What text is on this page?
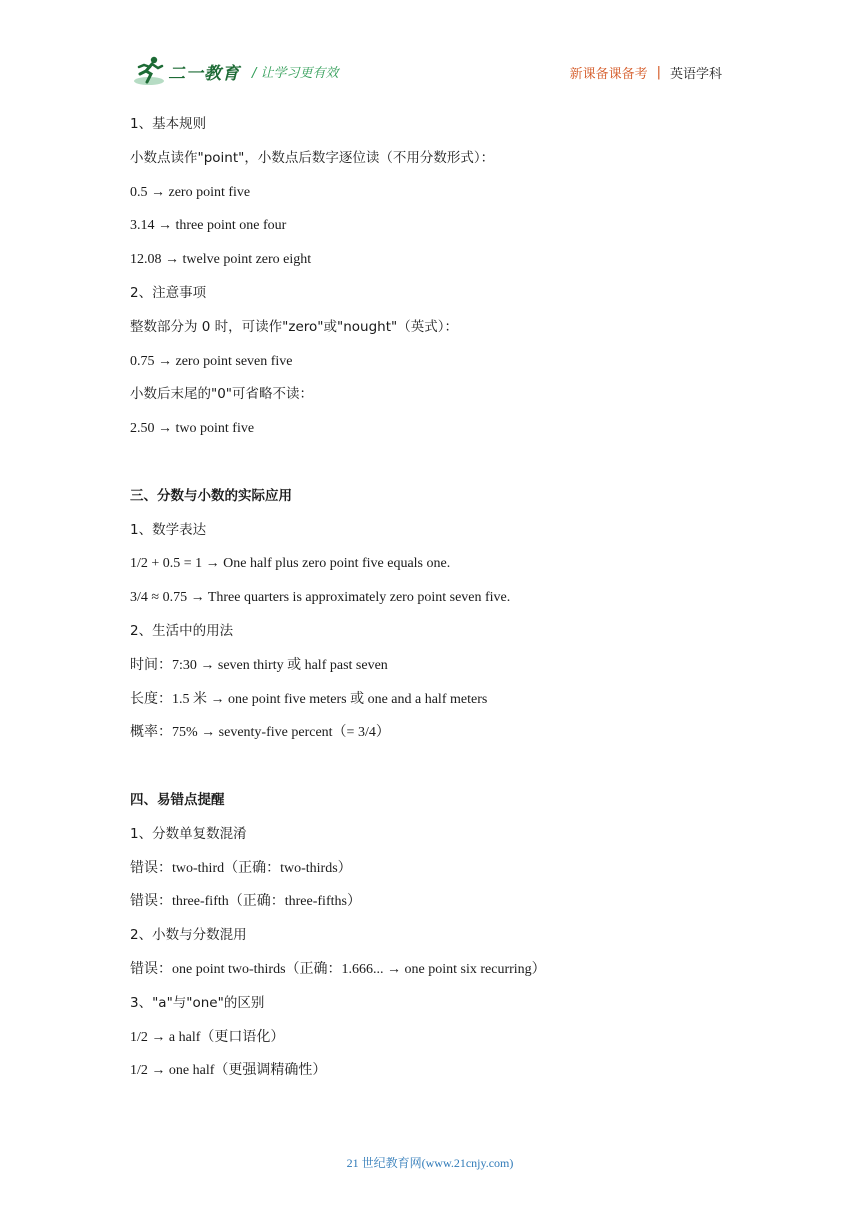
二一教育 / 让学习更有效	新课备课备考 | 英语学科
1、基本规则
小数点读作"point"，小数点后数字逐位读（不用分数形式）：
0.5 → zero point five
3.14 → three point one four
12.08 → twelve point zero eight
2、注意事项
整数部分为 0 时，可读作"zero"或"nought"（英式）：
0.75 → zero point seven five
小数后末尾的"0"可省略不读：
2.50 → two point five
三、分数与小数的实际应用
1、数学表达
1/2 + 0.5 = 1 → One half plus zero point five equals one.
3/4 ≈ 0.75 → Three quarters is approximately zero point seven five.
2、生活中的用法
时间：7:30 → seven thirty 或 half past seven
长度：1.5 米 → one point five meters 或 one and a half meters
概率：75% → seventy-five percent（= 3/4）
四、易错点提醒
1、分数单复数混淆
错误：two-third（正确：two-thirds）
错误：three-fifth（正确：three-fifths）
2、小数与分数混用
错误：one point two-thirds（正确：1.666... → one point six recurring）
3、"a"与"one"的区别
1/2 → a half（更口语化）
1/2 → one half（更强调精确性）
21 世纪教育网(www.21cnjy.com)
